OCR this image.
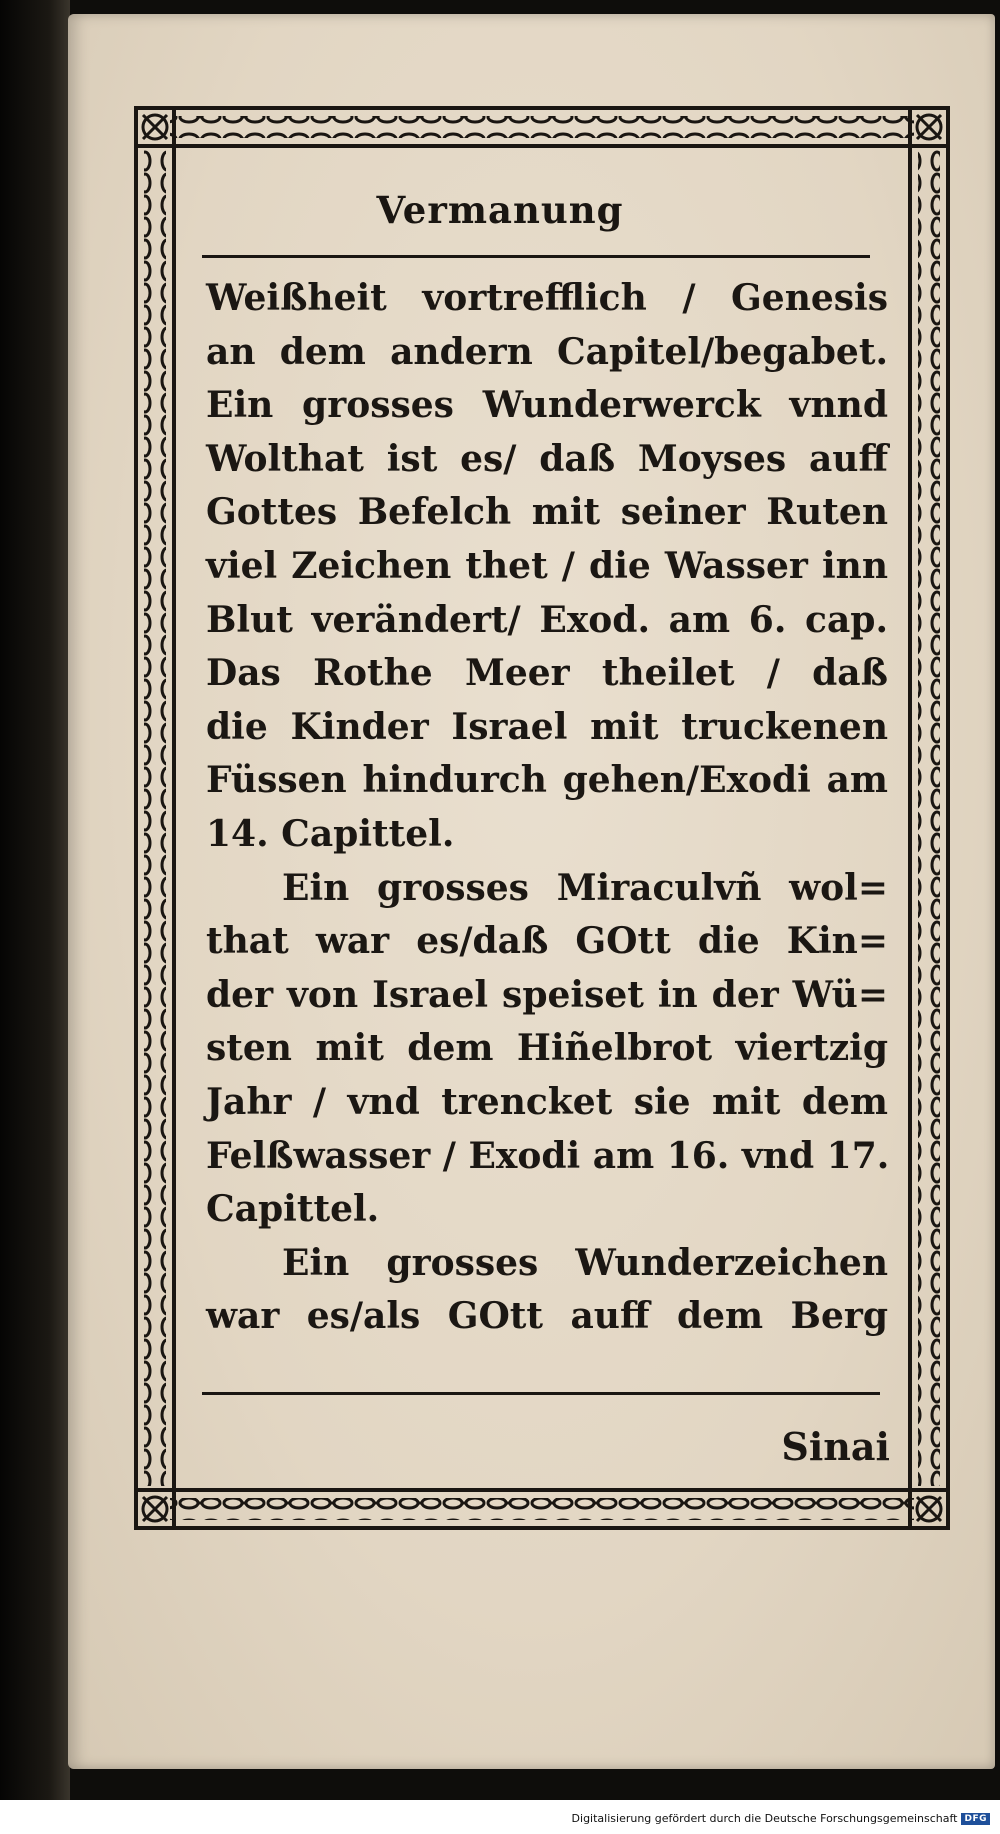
Vermanung
Weißheit vortrefflich / Genesis
an dem andern Capitel/begabet.
Ein grosses Wunderwerck vnnd
Wolthat ist es/ daß Moyses auff
Gottes Befelch mit seiner Ruten
viel Zeichen thet / die Wasser inn
Blut verändert/ Exod. am 6. cap.
Das Rothe Meer theilet / daß
die Kinder Israel mit truckenen
Füssen hindurch gehen/Exodi am
14. Capittel.
Ein grosses Miraculvñ wol=
that war es/daß GOtt die Kin=
der von Israel speiset in der Wü=
sten mit dem Hiñelbrot viertzig
Jahr / vnd trencket sie mit dem
Felßwasser / Exodi am 16. vnd 17.
Capittel.
Ein grosses Wunderzeichen
war es/als GOtt auff dem Berg
Sinai
Digitalisierung gefördert durch die Deutsche Forschungsgemeinschaft DFG
